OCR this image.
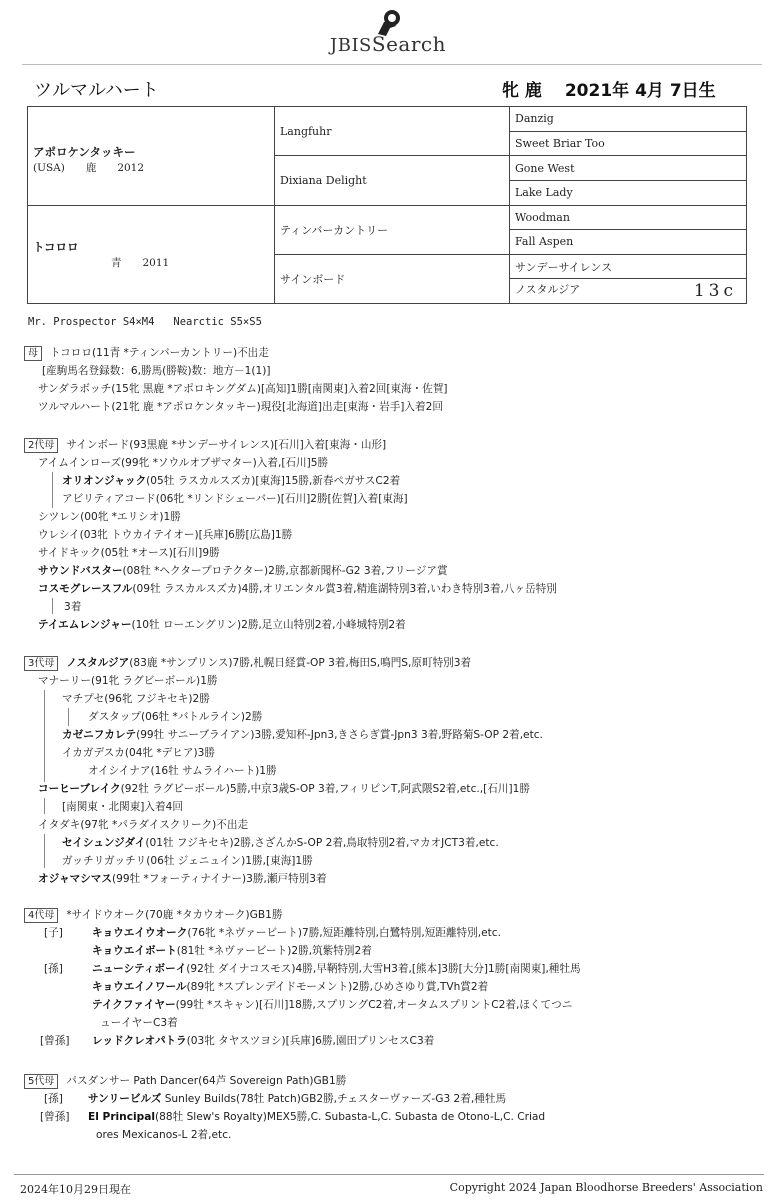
JBISSearch
ツルマルハート	牝 鹿　 2021年 4月 7日生
アポロケンタッキー
(USA)　　鹿　　2012	Langfuhr	Danzig
		Sweet Briar Too
	Dixiana Delight	Gone West
		Lake Lady

トコロロ
青　　2011	ティンバーカントリー	Woodman
		Fall Aspen
	サインボード	サンデーサイレンス
		ノスタルジア 13c
Mr. Prospector S4×M4   Nearctic S5×S5
母 トコロロ(11青 *ティンバーカントリー)不出走
[産駒馬名登録数：6,勝馬(勝鞍)数：地方－1(1)]
サンダラボッチ(15牝 黒鹿 *アポロキングダム)[高知]1勝[南関東]入着2回[東海・佐賀]
ツルマルハート(21牝 鹿 *アポロケンタッキー)現役[北海道]出走[東海・岩手]入着2回
2代母 サインボード(93黒鹿 *サンデーサイレンス)[石川]入着[東海・山形]
アイムインローズ(99牝 *ソウルオブザマター)入着,[石川]5勝
オリオンジャック(05牡 ラスカルスズカ)[東海]15勝,新春ペガサスC2着
アビリティアコード(06牝 *リンドシェーバー)[石川]2勝[佐賀]入着[東海]
シツレン(00牝 *エリシオ)1勝
ウレシイ(03牝 トウカイテイオー)[兵庫]6勝[広島]1勝
サイドキック(05牡 *オース)[石川]9勝
サウンドバスター(08牡 *ヘクタープロテクター)2勝,京都新聞杯-G2 3着,フリージア賞
コスモグレースフル(09牡 ラスカルスズカ)4勝,オリエンタル賞3着,精進湖特別3着,いわき特別3着,八ヶ岳特別
3着
テイエムレンジャー(10牡 ローエングリン)2勝,足立山特別2着,小峰城特別2着
3代母 ノスタルジア(83鹿 *サンプリンス)7勝,札幌日経賞-OP 3着,梅田S,鳴門S,原町特別3着
マナーリー(91牝 ラグビーボール)1勝
マチプセ(96牝 フジキセキ)2勝
ダスタップ(06牡 *バトルライン)2勝
カゼニフカレテ(99牡 サニーブライアン)3勝,愛知杯-Jpn3,きさらぎ賞-Jpn3 3着,野路菊S-OP 2着,etc.
イカガデスカ(04牝 *デヒア)3勝
オイシイナア(16牡 サムライハート)1勝
コーヒーブレイク(92牡 ラグビーボール)5勝,中京3歳S-OP 3着,フィリピンT,阿武隈S2着,etc.,[石川]1勝
[南関東・北関東]入着4回
イタダキ(97牝 *パラダイスクリーク)不出走
セイシュンジダイ(01牡 フジキセキ)2勝,さざんかS-OP 2着,鳥取特別2着,マカオJCT3着,etc.
ガッチリガッチリ(06牡 ジェニュイン)1勝,[東海]1勝
オジャマシマス(99牡 *フォーティナイナー)3勝,瀬戸特別3着
4代母 *サイドウオーク(70鹿 *タカウオーク)GB1勝
[子]	キョウエイウオーク(76牝 *ネヴァービート)7勝,短距離特別,白鷺特別,短距離特別,etc.
キョウエイボート(81牡 *ネヴァービート)2勝,筑紫特別2着
[孫]	ニューシティボーイ(92牡 ダイナコスモス)4勝,早鞆特別,大雪H3着,[熊本]3勝[大分]1勝[南関東],種牡馬
キョウエイノワール(89牝 *スプレンデイドモーメント)2勝,ひめさゆり賞,TVh賞2着
テイクファイヤー(99牡 *スキャン)[石川]18勝,スプリングC2着,オータムスプリントC2着,ほくてつニ
ューイヤーC3着
[曾孫] レッドクレオパトラ(03牝 タヤスツヨシ)[兵庫]6勝,園田プリンセスC3着
5代母 パスダンサー Path Dancer(64芦 Sovereign Path)GB1勝
[孫] サンリービルズ Sunley Builds(78牡 Patch)GB2勝,チェスターヴァーズ-G3 2着,種牡馬
[曾孫] El Principal(88牡 Slew's Royalty)MEX5勝,C. Subasta-L,C. Subasta de Otono-L,C. Criad
ores Mexicanos-L 2着,etc.
2024年10月29日現在	Copyright 2024 Japan Bloodhorse Breeders' Association
